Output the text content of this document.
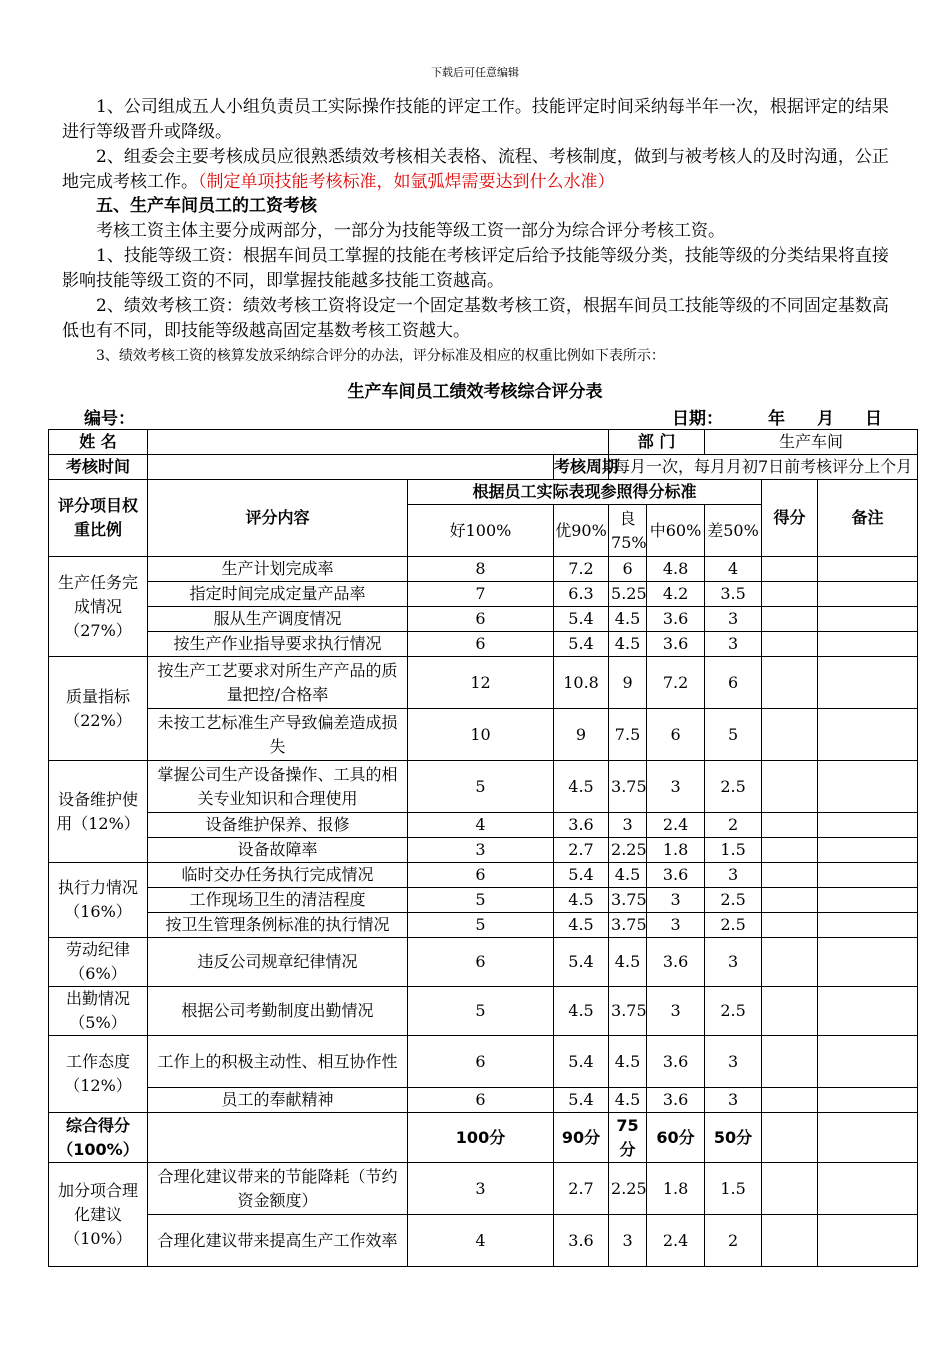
下载后可任意编辑
1、公司组成五人小组负责员工实际操作技能的评定工作。技能评定时间采纳每半年一次，根据评定的结果进行等级晋升或降级。
2、组委会主要考核成员应很熟悉绩效考核相关表格、流程、考核制度，做到与被考核人的及时沟通，公正地完成考核工作。（制定单项技能考核标准，如氩弧焊需要达到什么水准）
五、生产车间员工的工资考核
考核工资主体主要分成两部分，一部分为技能等级工资一部分为综合评分考核工资。
1、技能等级工资：根据车间员工掌握的技能在考核评定后给予技能等级分类，技能等级的分类结果将直接影响技能等级工资的不同，即掌握技能越多技能工资越高。
2、绩效考核工资：绩效考核工资将设定一个固定基数考核工资，根据车间员工技能等级的不同固定基数高低也有不同，即技能等级越高固定基数考核工资越大。
3、绩效考核工资的核算发放采纳综合评分的办法，评分标准及相应的权重比例如下表所示：
生产车间员工绩效考核综合评分表
编号：	日期：	年 月 日
姓 名				部 门		生产车间		
考核时间			考核周期	每月一次，每月月初7日前考核评分上个月				
评分项目权重比例	评分内容	根据员工实际表现参照得分标准					得分	备注
		好100%	优90%	良75%	中60%	差50%		
生产任务完成情况（27%）	生产计划完成率	8	7.2	6	4.8	4		
	指定时间完成定量产品率	7	6.3	5.25	4.2	3.5		
	服从生产调度情况	6	5.4	4.5	3.6	3		
	按生产作业指导要求执行情况	6	5.4	4.5	3.6	3		
质量指标（22%）	按生产工艺要求对所生产产品的质量把控/合格率	12	10.8	9	7.2	6		
	未按工艺标准生产导致偏差造成损失	10	9	7.5	6	5		
设备维护使用（12%）	掌握公司生产设备操作、工具的相关专业知识和合理使用	5	4.5	3.75	3	2.5		
	设备维护保养、报修	4	3.6	3	2.4	2		
	设备故障率	3	2.7	2.25	1.8	1.5		
执行力情况（16%）	临时交办任务执行完成情况	6	5.4	4.5	3.6	3		
	工作现场卫生的清洁程度	5	4.5	3.75	3	2.5		
	按卫生管理条例标准的执行情况	5	4.5	3.75	3	2.5		
劳动纪律（6%）	违反公司规章纪律情况	6	5.4	4.5	3.6	3		
出勤情况（5%）	根据公司考勤制度出勤情况	5	4.5	3.75	3	2.5		
工作态度（12%）	工作上的积极主动性、相互协作性	6	5.4	4.5	3.6	3		
	员工的奉献精神	6	5.4	4.5	3.6	3		
综合得分（100%）		100分	90分	75分	60分	50分		
加分项合理化建议（10%）	合理化建议带来的节能降耗（节约资金额度）	3	2.7	2.25	1.8	1.5		
	合理化建议带来提高生产工作效率	4	3.6	3	2.4	2		
